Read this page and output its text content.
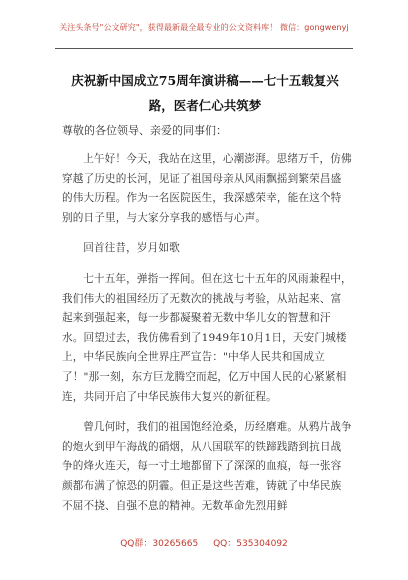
关注头条号"公文研究"，获得最新最全最专业的公文资料库！ 微信：gongwenyj
庆祝新中国成立75周年演讲稿——七十五载复兴路，医者仁心共筑梦
尊敬的各位领导、亲爱的同事们：

上午好！今天，我站在这里，心潮澎湃。思绪万千，仿佛穿越了历史的长河，见证了祖国母亲从风雨飘摇到繁荣昌盛的伟大历程。作为一名医院医生，我深感荣幸，能在这个特别的日子里，与大家分享我的感悟与心声。

回首往昔，岁月如歌

七十五年，弹指一挥间。但在这七十五年的风雨兼程中，我们伟大的祖国经历了无数次的挑战与考验，从站起来、富起来到强起来，每一步都凝聚着无数中华儿女的智慧和汗水。回望过去，我仿佛看到了1949年10月1日，天安门城楼上，中华民族向全世界庄严宣告："中华人民共和国成立了！"那一刻，东方巨龙腾空而起，亿万中国人民的心紧紧相连，共同开启了中华民族伟大复兴的新征程。

曾几何时，我们的祖国饱经沧桑，历经磨难。从鸦片战争的炮火到甲午海战的硝烟，从八国联军的铁蹄践踏到抗日战争的烽火连天，每一寸土地都留下了深深的血痕，每一张容颜都布满了惊恐的阴霾。但正是这些苦难，铸就了中华民族不屈不挠、自强不息的精神。无数革命先烈用鲜

QQ群：30265665 QQ：535304092
